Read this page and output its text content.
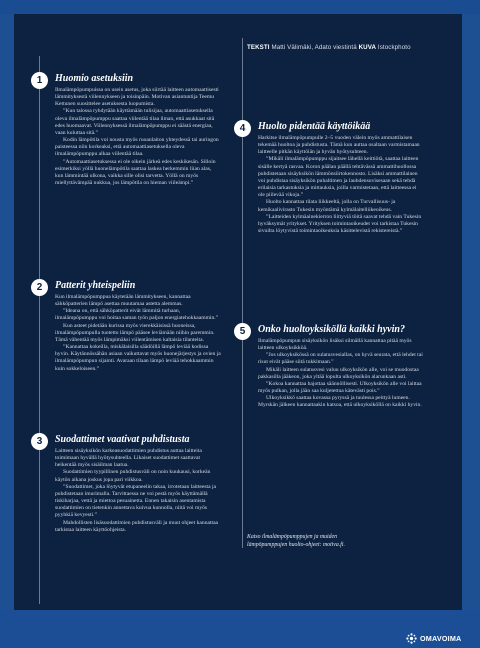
TEKSTI Matti Välimäki, Adato viestintä KUVA Istockphoto
1
2
3
4
5
Huomio asetuksiin

Ilmalämpöpumpuissa on usein asetus, joka siirtää laitteen automaattisesti lämmityksestä viilennykseen ja toisinpäin. Motivan asiantuntija Teemu Kettunen suosittelee asetuksesta luopumista.

”Kun talossa ryhdytään käyttämään tulisijaa, automaattiasetuksella oleva ilmalämpöpumppu saattaa viilentää tilaa ilman, että asukkaat sitä edes huomaavat. Viilennyksessä ilmalämpöpumppu ei säästä energiaa, vaan kuluttaa sitä.”

Kodin lämpötila voi nousta myös ruoanlaiton yhteydessä tai auringon paisteessa niin korkeaksi, että automaattiasetuksella oleva ilmalämpöpumppu alkaa viilentää tilaa.

”Automaattiasetuksessa ei ole oikein järkeä edes keskikesän. Silloin esimerkiksi yöllä huonelämpötila saattaa laskea herkemmin liian alas, kun lämmintää ulkona, vaikka sille olisi tarvetta. Yöllä on myös miellyttävämpää nukkua, jos lämpötila on hieman viileämpi.”

Patterit yhteispeliin

Kun ilmalämpöpumppua käytetään lämmitykseen, kannattaa sähköpatterien lämpö asettaa muutamaa astetta alemmas.

”Ideana on, että sähköpatterit eivät lämmitä turhaan, ilmalämpöpumppu voi hoitaa saman työn paljon energiatehokkaammin.”

Kun asteet pidetään kurissa myös vierekkäisissä huoneissa, ilmalämpöpumpulla tuotettu lämpö pääsee leviämään niihin paremmin. Tämä vähentää myös lämpimäksi viilentämisen kaltaisia tilanteita.

”Kannattaa kokeilla, miskälaisilla säädöillä lämpö leviää kodissa hyvin. Käytännössähän asiaan vaikuttavat myös huonejärjestys ja ovien ja ilmalämpöpumpun sijainti. Avaraan tilaan lämpö leviää tehokkaammin kuin sokkeloiseen.”

Suodattimet vaativat puhdistusta

Laitteen sisäyksikön karkeasuodattimien puhdistus auttaa laitteita toimimaan hyvällä hyötysuhteella. Likaiset suodattimet saattavat heikentää myös sisäilman laatua.

Suodattimien tyypillinen puhdistusväli on noin kuukausi, korkeän käytön aikana joskus jopa pari viikkoa.

”Suodattimet, joka löytyvät etupaneelin takaa, irrotetaan laitteesta ja puhdistetaan imurimalla. Tarvittaessa ne voi pestä myös käyttämällä tiskiharjaa, vettä ja miettoa pesuainetta. Ennen takaisin asentamista suodattimien on tietenkin annettava kuivua kunnolla, niitä voi myös pyyhkiä kevyesti.”

Mahdollisten lisäsuodattimien puhdistusväli ja muut ohjeet kannattaa tarkistaa laitteen käyttöohjeista.

Huolto pidentää käyttöikää

Harkitse ilmalämpöpumpulle 2–5 vuoden välein myös ammattilaisen tekemää huoltoa ja puhdistusta. Tämä kun auttaa osaltaan varmistamaan laitteelle pitkän käyttöiän ja hyvän hyötysuhteen.

”Mikäli ilmalämpöpumppu sijaitsee lähellä keittiötä, saattaa laitteen sisälle kertyä rasvaa. Koron päälan päällä tehtävässä ammattihuollossa puhdistetaan sisäyksikön lämmönsiirtokennosto. Lisäksi ammattilainen voi puhdistaa sisäyksikön puhaltimen ja lauhdensuvisesaan sekä tehdä erilaisia tarkastuksia ja mittauksia, joilla varmistetaan, että laitteessa ei ole piilevää vikoja.”

Huolto kannattaa tilata liikkeeltä, jolla on Turvallisuus- ja kemikaalivirasto Tukesin myöntämä kylmälaitelliikeoikeus.

”Laitteiden kylmäainekierron liittyviä töitä saavat tehdä vain Tukesin hyväksymät yritykset. Yrityksen toimintaoikeudet voi tarkistaa Tukesin sivuilta löytyvistä toimintaoikeuksia käsittelevistä rekistereistä.”

Onko huoltoyksiköllä kaikki hyvin?

Ilmalämpöpumpun sisäyksikön lisäksi silmällä kannattaa pitää myös laitteen ulkoyksikköä.

”Jos ulkoyksikössä on sulatusvesiallas, on hyvä seurata, että lehdet tai risut eivät pääse siitä tukkimaan.”

Mikäli laitteen sulatusvesi valuu ulkoyksikön alle, voi se muodostaa pakkasilla jääkeon, joka yltää lopulta ulkoyksikön alarunkaan asti.

”Kokoa kannattaa hajottaa säännöllisesti. Ulkoyksikön alle voi laittaa myös pulkan, jolla jään saa kuljetettua kätevästi pois.”

Ulkoyksikkö saattaa kovassa pyryssä ja tuulessa peittyä lumeen. Myrskän jälkeen kannattaakin katsoa, että ulkoyksiköllä on kaikki hyvin.

Katso ilmalämpöpumppujen ja muiden lämpöpumppujen huolto-ohjeet: motiva.fi.
OMAVOIMA
